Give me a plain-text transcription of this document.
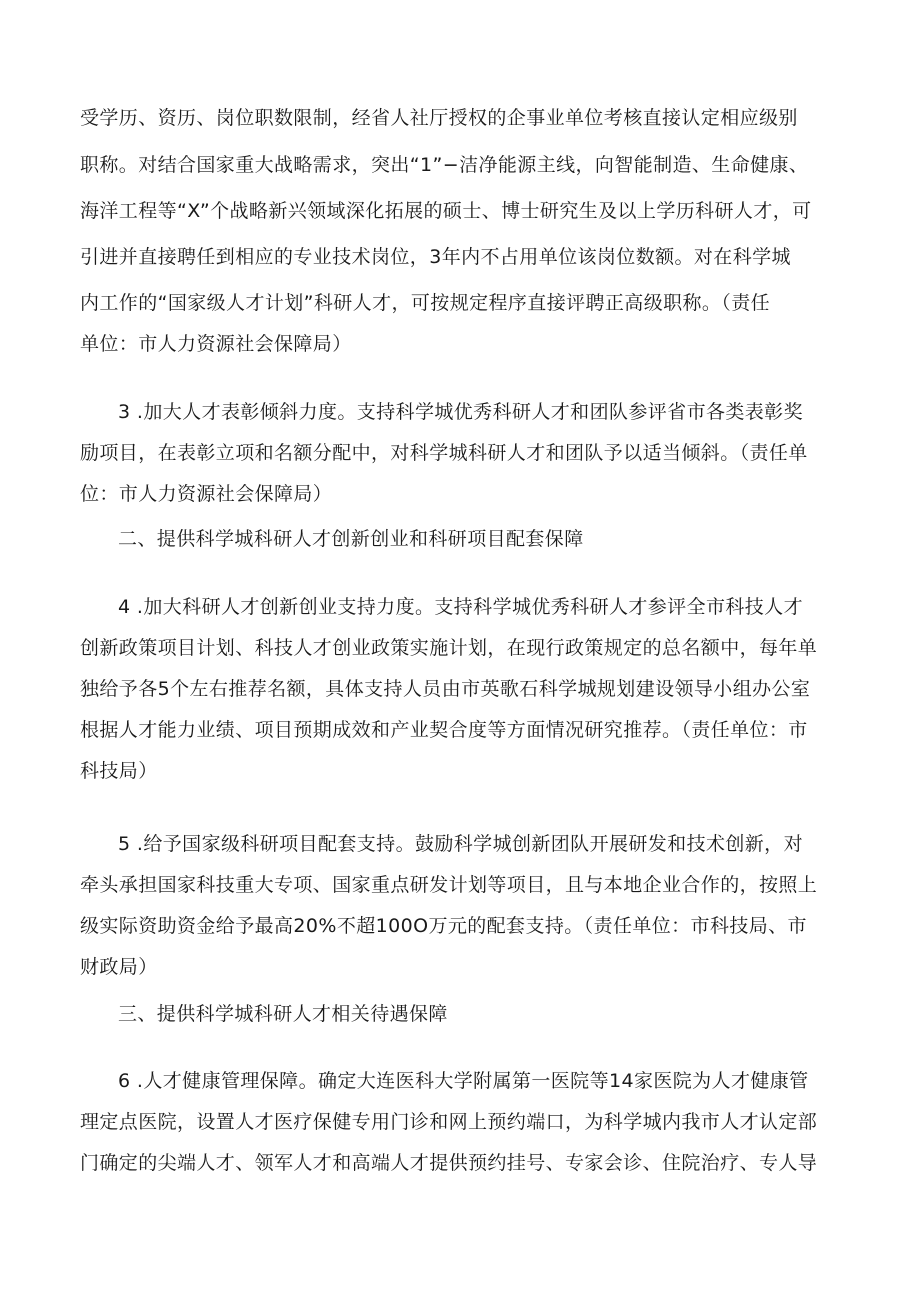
受学历、资历、岗位职数限制，经省人社厅授权的企事业单位考核直接认定相应级别
职称。对结合国家重大战略需求，突出“1”−洁净能源主线，向智能制造、生命健康、
海洋工程等“X”个战略新兴领域深化拓展的硕士、博士研究生及以上学历科研人才，可
引进并直接聘任到相应的专业技术岗位，3年内不占用单位该岗位数额。对在科学城
内工作的“国家级人才计划”科研人才，可按规定程序直接评聘正高级职称。（责任
单位：市人力资源社会保障局）
3 .加大人才表彰倾斜力度。支持科学城优秀科研人才和团队参评省市各类表彰奖
励项目，在表彰立项和名额分配中，对科学城科研人才和团队予以适当倾斜。（责任单
位：市人力资源社会保障局）
二、提供科学城科研人才创新创业和科研项目配套保障
4 .加大科研人才创新创业支持力度。支持科学城优秀科研人才参评全市科技人才
创新政策项目计划、科技人才创业政策实施计划，在现行政策规定的总名额中，每年单
独给予各5个左右推荐名额，具体支持人员由市英歌石科学城规划建设领导小组办公室
根据人才能力业绩、项目预期成效和产业契合度等方面情况研究推荐。（责任单位：市
科技局）
5 .给予国家级科研项目配套支持。鼓励科学城创新团队开展研发和技术创新，对
牵头承担国家科技重大专项、国家重点研发计划等项目，且与本地企业合作的，按照上
级实际资助资金给予最高20%不超100O万元的配套支持。（责任单位：市科技局、市
财政局）
三、提供科学城科研人才相关待遇保障
6 .人才健康管理保障。确定大连医科大学附属第一医院等14家医院为人才健康管
理定点医院，设置人才医疗保健专用门诊和网上预约端口，为科学城内我市人才认定部
门确定的尖端人才、领军人才和高端人才提供预约挂号、专家会诊、住院治疗、专人导
